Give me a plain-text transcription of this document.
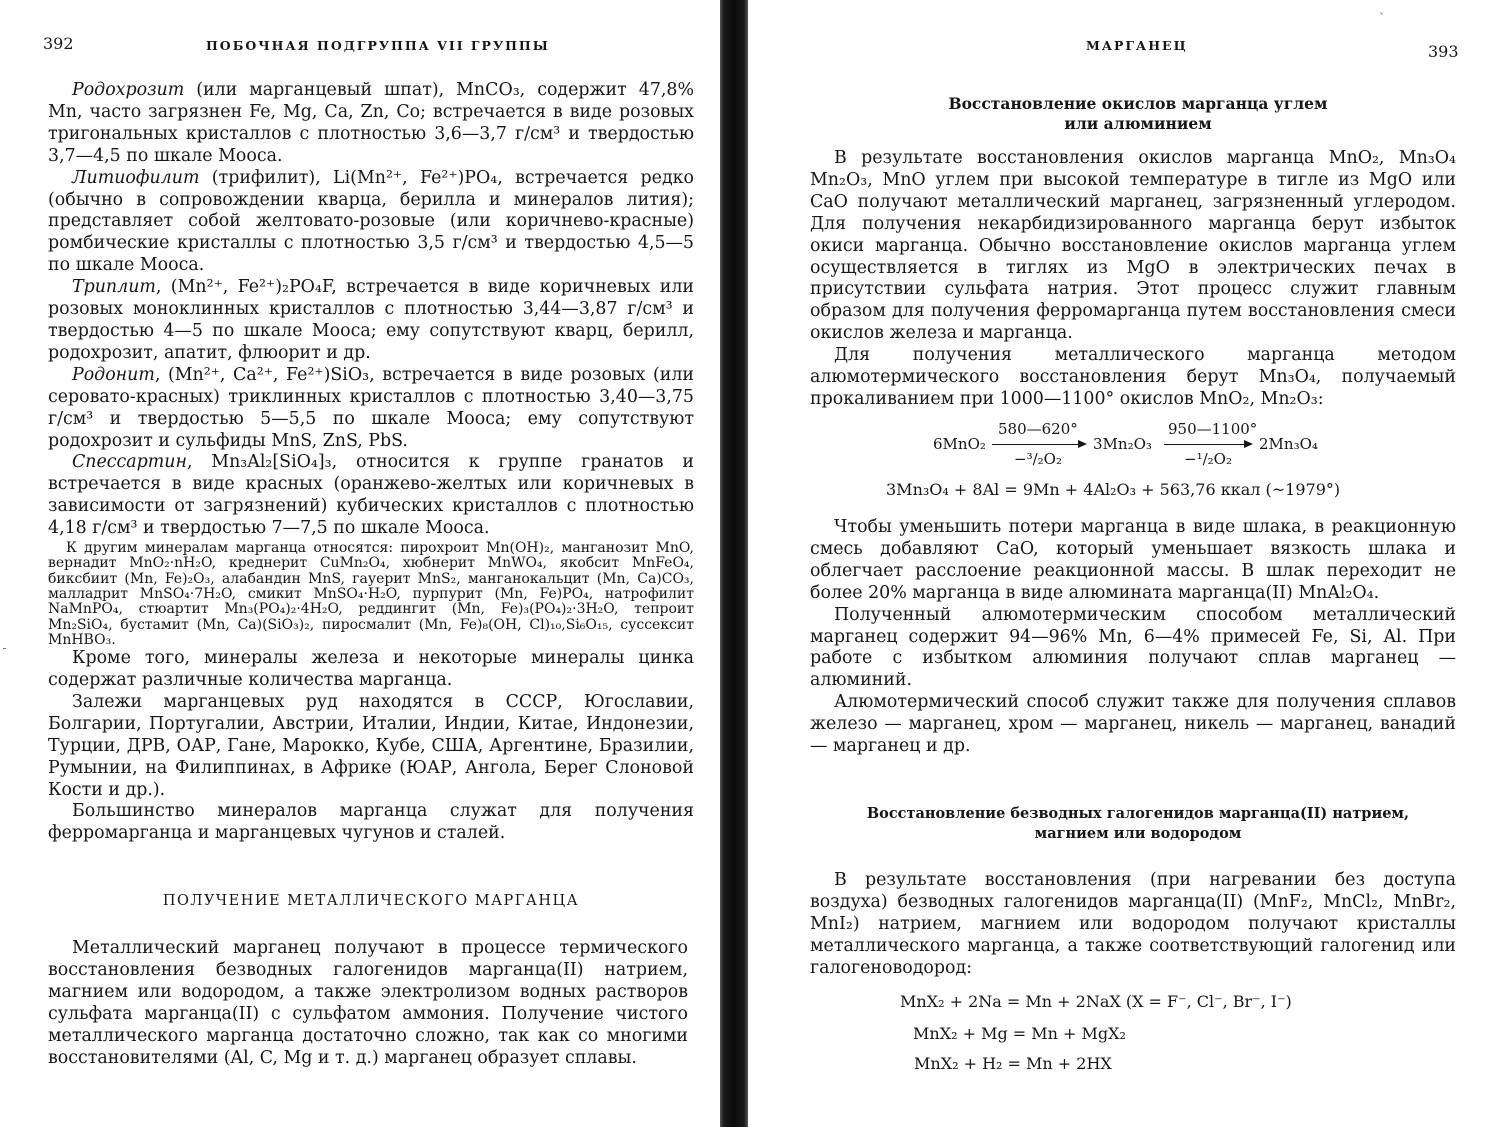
392	ПОБОЧНАЯ ПОДГРУППА VII ГРУППЫ

Родохрозит (или марганцевый шпат), MnCO₃, содержит 47,8% Mn, часто загрязнен Fe, Mg, Ca, Zn, Co; встречается в виде розовых тригональных кристаллов с плотностью 3,6—3,7 г/см³ и твердостью 3,7—4,5 по шкале Мооса.

Литиофилит (трифилит), Li(Mn²⁺, Fe²⁺)PO₄, встречается редко (обычно в сопровождении кварца, берилла и минералов лития); представляет собой желтовато-розовые (или коричнево-красные) ромбические кристаллы с плотностью 3,5 г/см³ и твердостью 4,5—5 по шкале Мооса.

Триплит, (Mn²⁺, Fe²⁺)₂PO₄F, встречается в виде коричневых или розовых моноклинных кристаллов с плотностью 3,44—3,87 г/см³ и твердостью 4—5 по шкале Мооса; ему сопутствуют кварц, берилл, родохрозит, апатит, флюорит и др.

Родонит, (Mn²⁺, Ca²⁺, Fe²⁺)SiO₃, встречается в виде розовых (или серовато-красных) триклинных кристаллов с плотностью 3,40—3,75 г/см³ и твердостью 5—5,5 по шкале Мооса; ему сопутствуют родохрозит и сульфиды MnS, ZnS, PbS.

Спессартин, Mn₃Al₂[SiO₄]₃, относится к группе гранатов и встречается в виде красных (оранжево-желтых или коричневых в зависимости от загрязнений) кубических кристаллов с плотностью 4,18 г/см³ и твердостью 7—7,5 по шкале Мооса.

К другим минералам марганца относятся: пирохроит Mn(OH)₂, манганозит MnO, вернадит MnO₂·nH₂O, креднерит CuMn₂O₄, хюбнерит MnWO₄, якобсит MnFeO₄, биксбиит (Mn, Fe)₂O₃, алабандин MnS, гауерит MnS₂, манганокальцит (Mn, Ca)CO₃, малладрит MnSO₄·7H₂O, смикит MnSO₄·H₂O, пурпурит (Mn, Fe)PO₄, натрофилит NaMnPO₄, стюартит Mn₃(PO₄)₂·4H₂O, реддингит (Mn, Fe)₃(PO₄)₂·3H₂O, тепроит Mn₂SiO₄, бустамит (Mn, Ca)(SiO₃)₂, пиросмалит (Mn, Fe)₈(OH, Cl)₁₀,Si₆O₁₅, суссексит MnHBO₃.

Кроме того, минералы железа и некоторые минералы цинка содержат различные количества марганца.

Залежи марганцевых руд находятся в СССР, Югославии, Болгарии, Португалии, Австрии, Италии, Индии, Китае, Индонезии, Турции, ДРВ, ОАР, Гане, Марокко, Кубе, США, Аргентине, Бразилии, Румынии, на Филиппинах, в Африке (ЮАР, Ангола, Берег Слоновой Кости и др.).

Большинство минералов марганца служат для получения ферромарганца и марганцевых чугунов и сталей.

ПОЛУЧЕНИЕ МЕТАЛЛИЧЕСКОГО МАРГАНЦА

Металлический марганец получают в процессе термического восстановления безводных галогенидов марганца(II) натрием, магнием или водородом, а также электролизом водных растворов сульфата марганца(II) с сульфатом аммония. Получение чистого металлического марганца достаточно сложно, так как со многими восстановителями (Al, C, Mg и т. д.) марганец образует сплавы.

МАРГАНЕЦ	393
Восстановление окислов марганца углем
или алюминием

В результате восстановления окислов марганца MnO₂, Mn₃O₄ Mn₂O₃, MnO углем при высокой температуре в тигле из MgO или CaO получают металлический марганец, загрязненный углеродом. Для получения некарбидизированного марганца берут избыток окиси марганца. Обычно восстановление окислов марганца углем осуществляется в тиглях из MgO в электрических печах в присутствии сульфата натрия. Этот процесс служит главным образом для получения ферромарганца путем восстановления смеси окислов железа и марганца.

Для получения металлического марганца методом алюмотермического восстановления берут Mn₃O₄, получаемый прокаливанием при 1000—1100° окислов MnO₂, Mn₂O₃:

6MnO₂
580—620°
−³/₂O₂
3Mn₂O₃
950—1100°
−¹/₂O₂
2Mn₃O₄
3Mn₃O₄ + 8Al = 9Mn + 4Al₂O₃ + 563,76 ккал (~1979°)

Чтобы уменьшить потери марганца в виде шлака, в реакционную смесь добавляют CaO, который уменьшает вязкость шлака и облегчает расслоение реакционной массы. В шлак переходит не более 20% марганца в виде алюмината марганца(II) MnAl₂O₄.

Полученный алюмотермическим способом металлический марганец содержит 94—96% Mn, 6—4% примесей Fe, Si, Al. При работе с избытком алюминия получают сплав марганец — алюминий.

Алюмотермический способ служит также для получения сплавов железо — марганец, хром — марганец, никель — марганец, ванадий — марганец и др.

Восстановление безводных галогенидов марганца(II) натрием,
магнием или водородом

В результате восстановления (при нагревании без доступа воздуха) безводных галогенидов марганца(II) (MnF₂, MnCl₂, MnBr₂, MnI₂) натрием, магнием или водородом получают кристаллы металлического марганца, а также соответствующий галогенид или галогеноводород:

MnX₂ + 2Na = Mn + 2NaX (X = F⁻, Cl⁻, Br⁻, I⁻)
MnX₂ + Mg = Mn + MgX₂
MnX₂ + H₂ = Mn + 2HX
